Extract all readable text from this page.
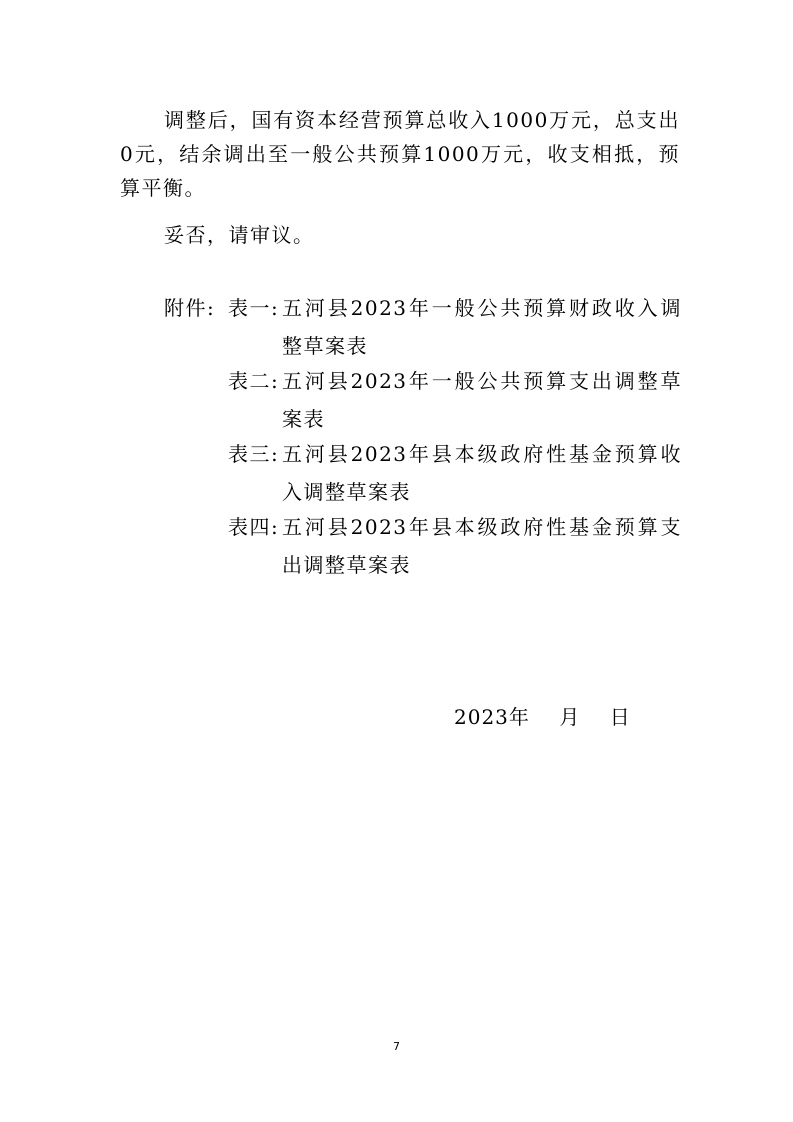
调整后，国有资本经营预算总收入1000万元，总支出0元，结余调出至一般公共预算1000万元，收支相抵，预算平衡。

妥否，请审议。

附件: 表一: 五河县2023年一般公共预算财政收入调整草案表
表二: 五河县2023年一般公共预算支出调整草案表
表三: 五河县2023年县本级政府性基金预算收入调整草案表
表四: 五河县2023年县本级政府性基金预算支出调整草案表
2023年    月    日
7
